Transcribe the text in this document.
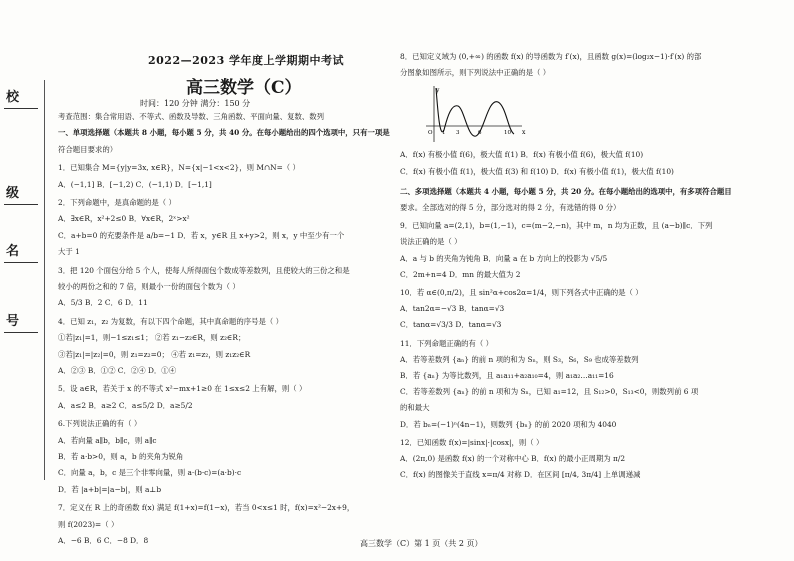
校
级
名
号
2022—2023 学年度上学期期中考试
高三数学（C）
时间：120 分钟 满分：150 分
考查范围：集合常用语、不等式、函数及导数、三角函数、平面向量、复数、数列
一、单项选择题（本题共 8 小题，每小题 5 分，共 40 分。在每小题给出的四个选项中，只有一项是
符合题目要求的）
1．已知集合 M={y|y=3x, x∈R}，N={x|−1<x<2}，则 M∩N=（ ）
A．(−1,1] B．[−1,2) C．(−1,1) D．[−1,1]
2．下列命题中，是真命题的是（ ）
A．∃x∈R，x²+2≤0 B．∀x∈R，2ˣ>x²
C．a+b=0 的充要条件是 a/b=−1 D．若 x，y∈R 且 x+y>2，则 x，y 中至少有一个
大于 1
3．把 120 个面包分给 5 个人，使每人所得面包个数成等差数列，且使较大的三份之和是
较小的两份之和的 7 倍，则最小一份的面包个数为（ ）
A．5/3 B．2 C．6 D．11
4．已知 z₁，z₂ 为复数，有以下四个命题，其中真命题的序号是（ ）
①若|z₁|=1，则−1≤z₁≤1； ②若 z₁−z₂∈R，则 z₂∈R；
③若|z₁|=|z₂|=0，则 z₁=z₂=0； ④若 z₁=z₂，则 z₁z₂∈R
A．②③ B．①② C．②④ D．①④
5．设 a∈R，若关于 x 的不等式 x²−mx+1≥0 在 1≤x≤2 上有解，则（ ）
A．a≤2 B．a≥2 C．a≤5/2 D．a≥5/2
6.下列说法正确的有（ ）
A．若向量 a∥b，b∥c，则 a∥c
B．若 a·b>0，则 a，b 的夹角为锐角
C．向量 a，b，c 是三个非零向量，则 a·(b·c)=(a·b)·c
D．若 |a+b|=|a−b|，则 a⊥b
7．定义在 R 上的奇函数 f(x) 满足 f(1+x)=f(1−x)，若当 0<x≤1 时，f(x)=x²−2x+9，
则 f(2023)=（ ）
A．−6 B．6 C．−8 D．8
x
y
O 1 3	6	10
8．已知定义域为 (0,+∞) 的函数 f(x) 的导函数为 f′(x)，且函数 g(x)=(log₂x−1)·f′(x) 的部
分图象如图所示，则下列说法中正确的是（ ）
A．f(x) 有极小值 f(6)，极大值 f(1) B．f(x) 有极小值 f(6)，极大值 f(10)
C．f(x) 有极小值 f(1)，极大值 f(3) 和 f(10) D．f(x) 有极小值 f(1)，极大值 f(10)
二、多项选择题（本题共 4 小题，每小题 5 分，共 20 分。在每小题给出的选项中，有多项符合题目
要求。全部选对的得 5 分，部分选对的得 2 分，有选错的得 0 分）
9．已知向量 a=(2,1)，b=(1,−1)，c=(m−2,−n)，其中 m，n 均为正数，且 (a−b)∥c．下列
说法正确的是（ ）
A．a 与 b 的夹角为钝角 B．向量 a 在 b 方向上的投影为 √5/5
C．2m+n=4 D．mn 的最大值为 2
10．若 α∈(0,π/2)，且 sin²α+cos2α=1/4，则下列各式中正确的是（ ）
A．tan2α=−√3 B．tanα=√3
C．tanα=√3/3 D．tanα=√3
11．下列命题正确的有（ ）
A．若等差数列 {aₙ} 的前 n 项的和为 Sₙ，则 S₃，S₆，S₉ 也成等差数列
B．若 {aₙ} 为等比数列，且 a₁a₁₁+a₂a₁₀=4，则 a₁a₂…a₁₁=16
C．若等差数列 {aₙ} 的前 n 项和为 Sₙ，已知 a₁=12，且 S₁₂>0，S₁₃<0，则数列前 6 项
的和最大
D．若 bₙ=(−1)ⁿ(4n−1)，则数列 {bₙ} 的前 2020 项和为 4040
12．已知函数 f(x)=|sinx|·|cosx|，则（ ）
A．(2π,0) 是函数 f(x) 的一个对称中心 B．f(x) 的最小正周期为 π/2
C．f(x) 的图像关于直线 x=π/4 对称 D．在区间 [π/4, 3π/4] 上单调递减
高三数学（C）第 1 页（共 2 页）
